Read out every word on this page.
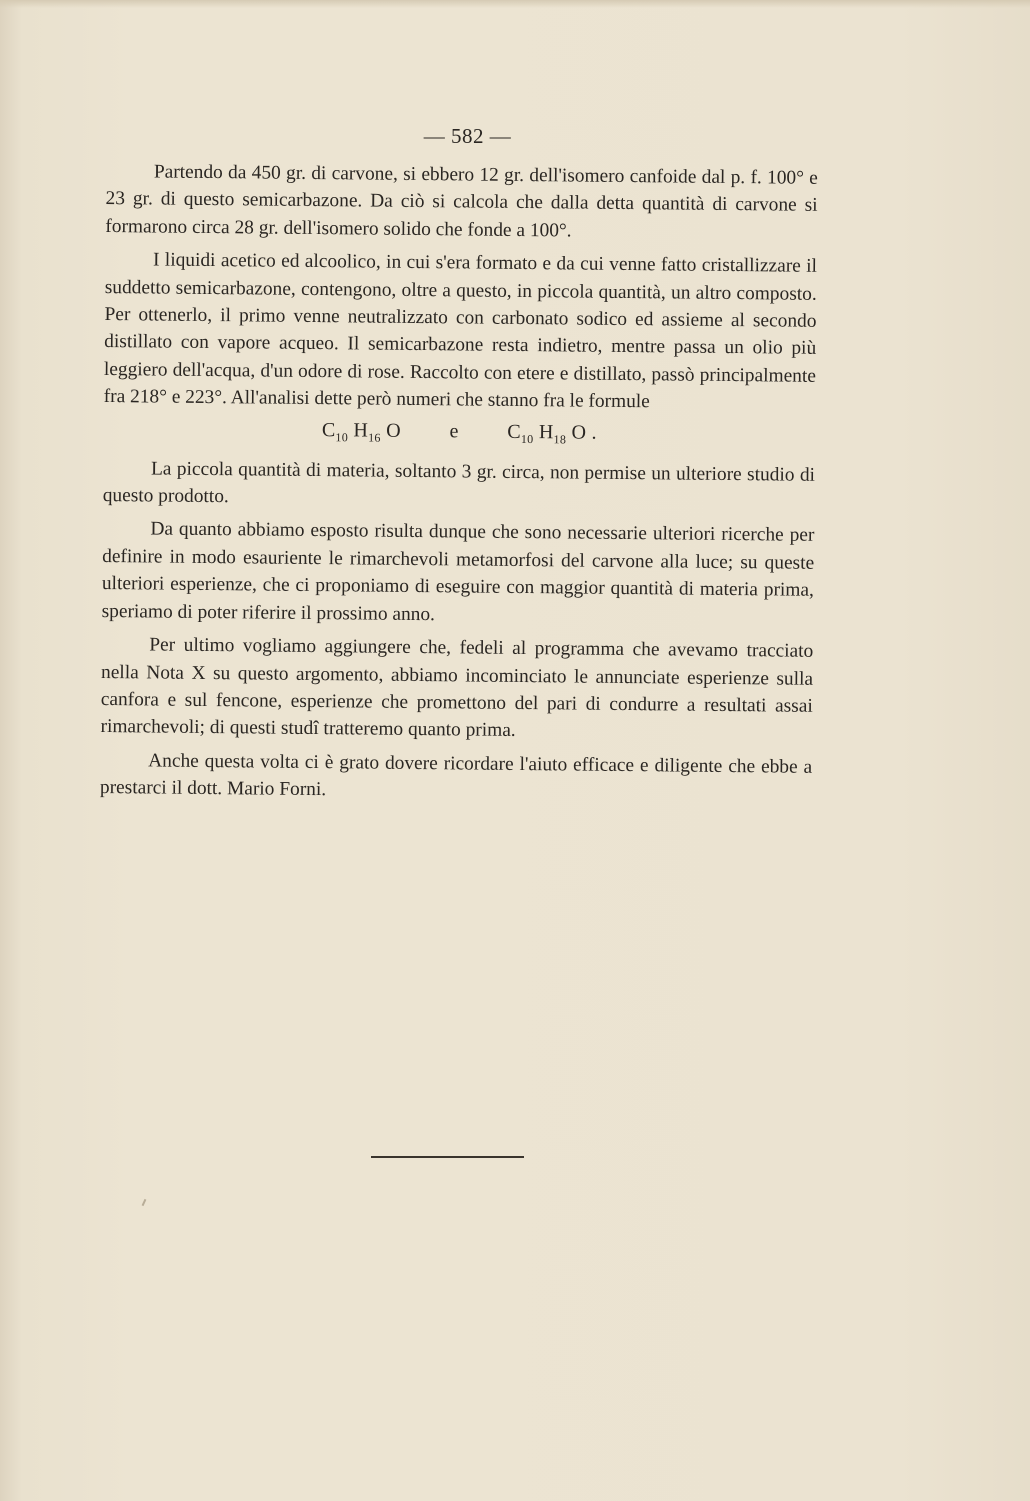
— 582 —

Partendo da 450 gr. di carvone, si ebbero 12 gr. dell'isomero canfoide dal p. f. 100° e 23 gr. di questo semicarbazone. Da ciò si calcola che dalla detta quantità di carvone si formarono circa 28 gr. dell'isomero solido che fonde a 100°.

I liquidi acetico ed alcoolico, in cui s'era formato e da cui venne fatto cristallizzare il suddetto semicarbazone, contengono, oltre a questo, in piccola quantità, un altro composto. Per ottenerlo, il primo venne neutralizzato con carbonato sodico ed assieme al secondo distillato con vapore acqueo. Il semicarbazone resta indietro, mentre passa un olio più leggiero dell'acqua, d'un odore di rose. Raccolto con etere e distillato, passò principalmente fra 218° e 223°. All'analisi dette però numeri che stanno fra le formule

$C_{10}$ $H_{16}$ O e $C_{10}$ $H_{18}$ O .

La piccola quantità di materia, soltanto 3 gr. circa, non permise un ulteriore studio di questo prodotto.

Da quanto abbiamo esposto risulta dunque che sono necessarie ulteriori ricerche per definire in modo esauriente le rimarchevoli metamorfosi del carvone alla luce; su queste ulteriori esperienze, che ci proponiamo di eseguire con maggior quantità di materia prima, speriamo di poter riferire il prossimo anno.

Per ultimo vogliamo aggiungere che, fedeli al programma che avevamo tracciato nella Nota X su questo argomento, abbiamo incominciato le annunciate esperienze sulla canfora e sul fencone, esperienze che promettono del pari di condurre a resultati assai rimarchevoli; di questi studî tratteremo quanto prima.

Anche questa volta ci è grato dovere ricordare l'aiuto efficace e diligente che ebbe a prestarci il dott. Mario Forni.
